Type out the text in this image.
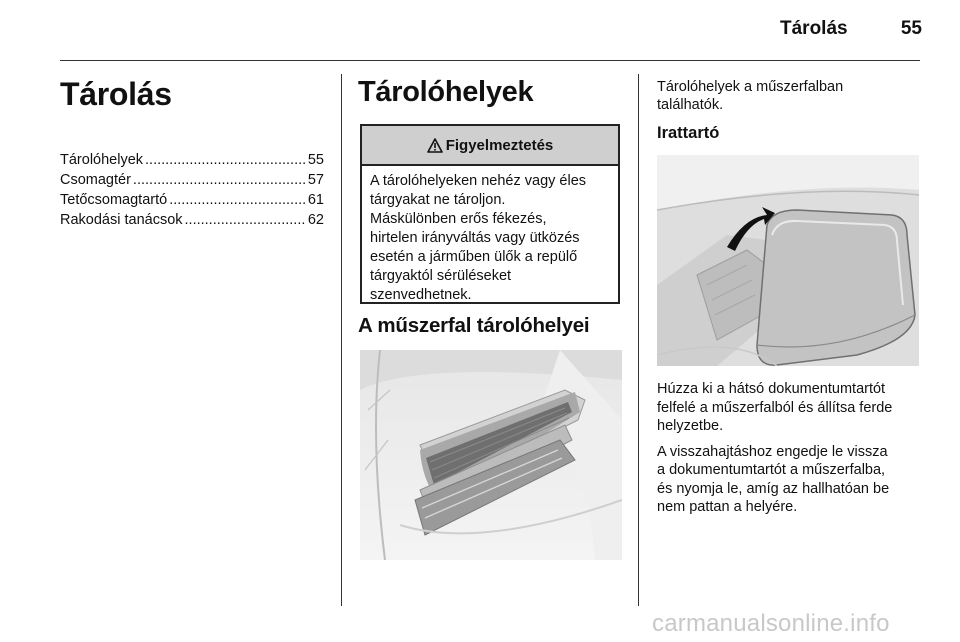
Tárolás	55
Tárolás
Tárolóhelyek .....	55
Csomagtér .....	57
Tetőcsomagtartó .....	61
Rakodási tanácsok .....	62
Tárolóhelyek
Figyelmeztetés
A tárolóhelyeken nehéz vagy éles
tárgyakat ne tároljon.
Máskülönben erős fékezés,
hirtelen irányváltás vagy ütközés
esetén a járműben ülők a repülő
tárgyaktól sérüléseket
szenvedhetnek.
A műszerfal tárolóhelyei
Tárolóhelyek a műszerfalban
találhatók.
Irattartó

Húzza ki a hátsó dokumentumtartót
felfelé a műszerfalból és állítsa ferde
helyzetbe.

A visszahajtáshoz engedje le vissza
a dokumentumtartót a műszerfalba,
és nyomja le, amíg az hallhatóan be
nem pattan a helyére.

carmanualsonline.info
